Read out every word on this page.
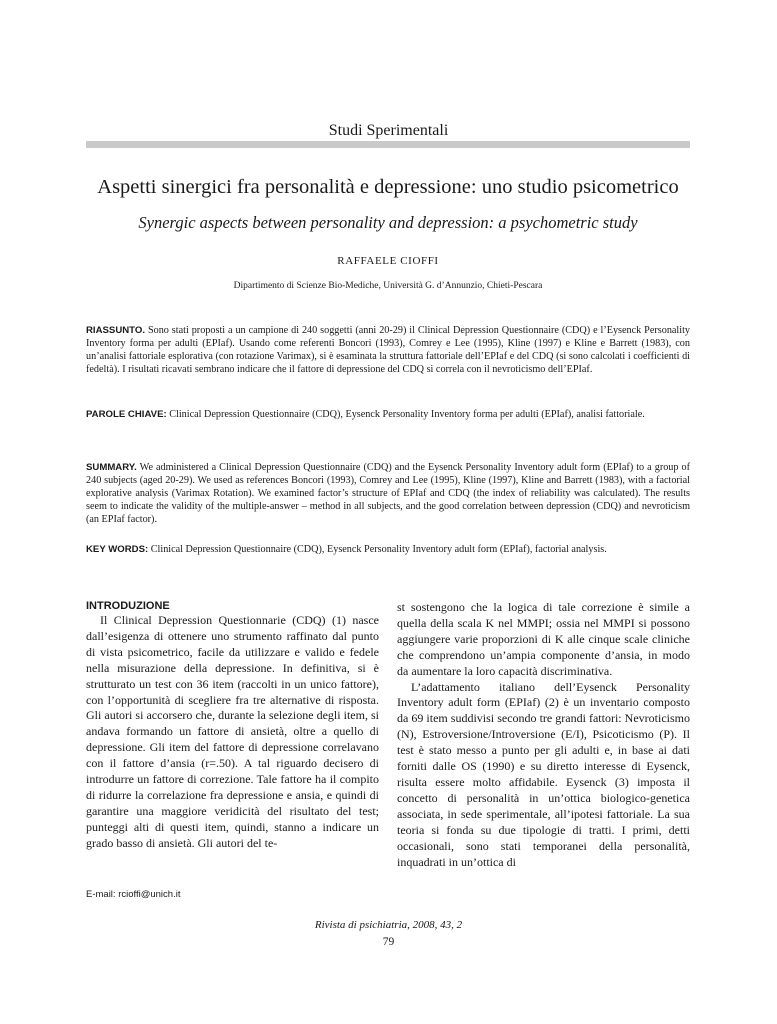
Studi Sperimentali
Aspetti sinergici fra personalità e depressione: uno studio psicometrico
Synergic aspects between personality and depression: a psychometric study
RAFFAELE CIOFFI
Dipartimento di Scienze Bio-Mediche, Università G. d’Annunzio, Chieti-Pescara
RIASSUNTO. Sono stati proposti a un campione di 240 soggetti (anni 20-29) il Clinical Depression Questionnaire (CDQ) e l’Eysenck Personality Inventory forma per adulti (EPIaf). Usando come referenti Boncori (1993), Comrey e Lee (1995), Kline (1997) e Kline e Barrett (1983), con un’analisi fattoriale esplorativa (con rotazione Varimax), si è esaminata la struttura fattoriale dell’EPIaf e del CDQ (si sono calcolati i coefficienti di fedeltà). I risultati ricavati sembrano indicare che il fattore di depressione del CDQ si correla con il nevroticismo dell’EPIaf.
PAROLE CHIAVE: Clinical Depression Questionnaire (CDQ), Eysenck Personality Inventory forma per adulti (EPIaf), analisi fattoriale.
SUMMARY. We administered a Clinical Depression Questionnaire (CDQ) and the Eysenck Personality Inventory adult form (EPIaf) to a group of 240 subjects (aged 20-29). We used as references Boncori (1993), Comrey and Lee (1995), Kline (1997), Kline and Barrett (1983), with a factorial explorative analysis (Varimax Rotation). We examined factor’s structure of EPIaf and CDQ (the index of reliability was calculated). The results seem to indicate the validity of the multiple-answer – method in all subjects, and the good correlation between depression (CDQ) and nevroticism (an EPIaf factor).
KEY WORDS: Clinical Depression Questionnaire (CDQ), Eysenck Personality Inventory adult form (EPIaf), factorial analysis.

INTRODUZIONE

Il Clinical Depression Questionnarie (CDQ) (1) nasce dall’esigenza di ottenere uno strumento raffinato dal punto di vista psicometrico, facile da utilizzare e valido e fedele nella misurazione della depressione. In definitiva, si è strutturato un test con 36 item (raccolti in un unico fattore), con l’opportunità di scegliere fra tre alternative di risposta. Gli autori si accorsero che, durante la selezione degli item, si andava formando un fattore di ansietà, oltre a quello di depressione. Gli item del fattore di depressione correlavano con il fattore d’ansia (r=.50). A tal riguardo decisero di introdurre un fattore di correzione. Tale fattore ha il compito di ridurre la correlazione fra depressione e ansia, e quindi di garantire una maggiore veridicità del risultato del test; punteggi alti di questi item, quindi, stanno a indicare un grado basso di ansietà. Gli autori del te-

st sostengono che la logica di tale correzione è simile a quella della scala K nel MMPI; ossia nel MMPI si possono aggiungere varie proporzioni di K alle cinque scale cliniche che comprendono un’ampia componente d’ansia, in modo da aumentare la loro capacità discriminativa.

L’adattamento italiano dell’Eysenck Personality Inventory adult form (EPIaf) (2) è un inventario composto da 69 item suddivisi secondo tre grandi fattori: Nevroticismo (N), Estroversione/Introversione (E/I), Psicoticismo (P). Il test è stato messo a punto per gli adulti e, in base ai dati forniti dalle OS (1990) e su diretto interesse di Eysenck, risulta essere molto affidabile. Eysenck (3) imposta il concetto di personalità in un’ottica biologico-genetica associata, in sede sperimentale, all’ipotesi fattoriale. La sua teoria si fonda su due tipologie di tratti. I primi, detti occasionali, sono stati temporanei della personalità, inquadrati in un’ottica di

E-mail: rcioffi@unich.it
Rivista di psichiatria, 2008, 43, 2
79
